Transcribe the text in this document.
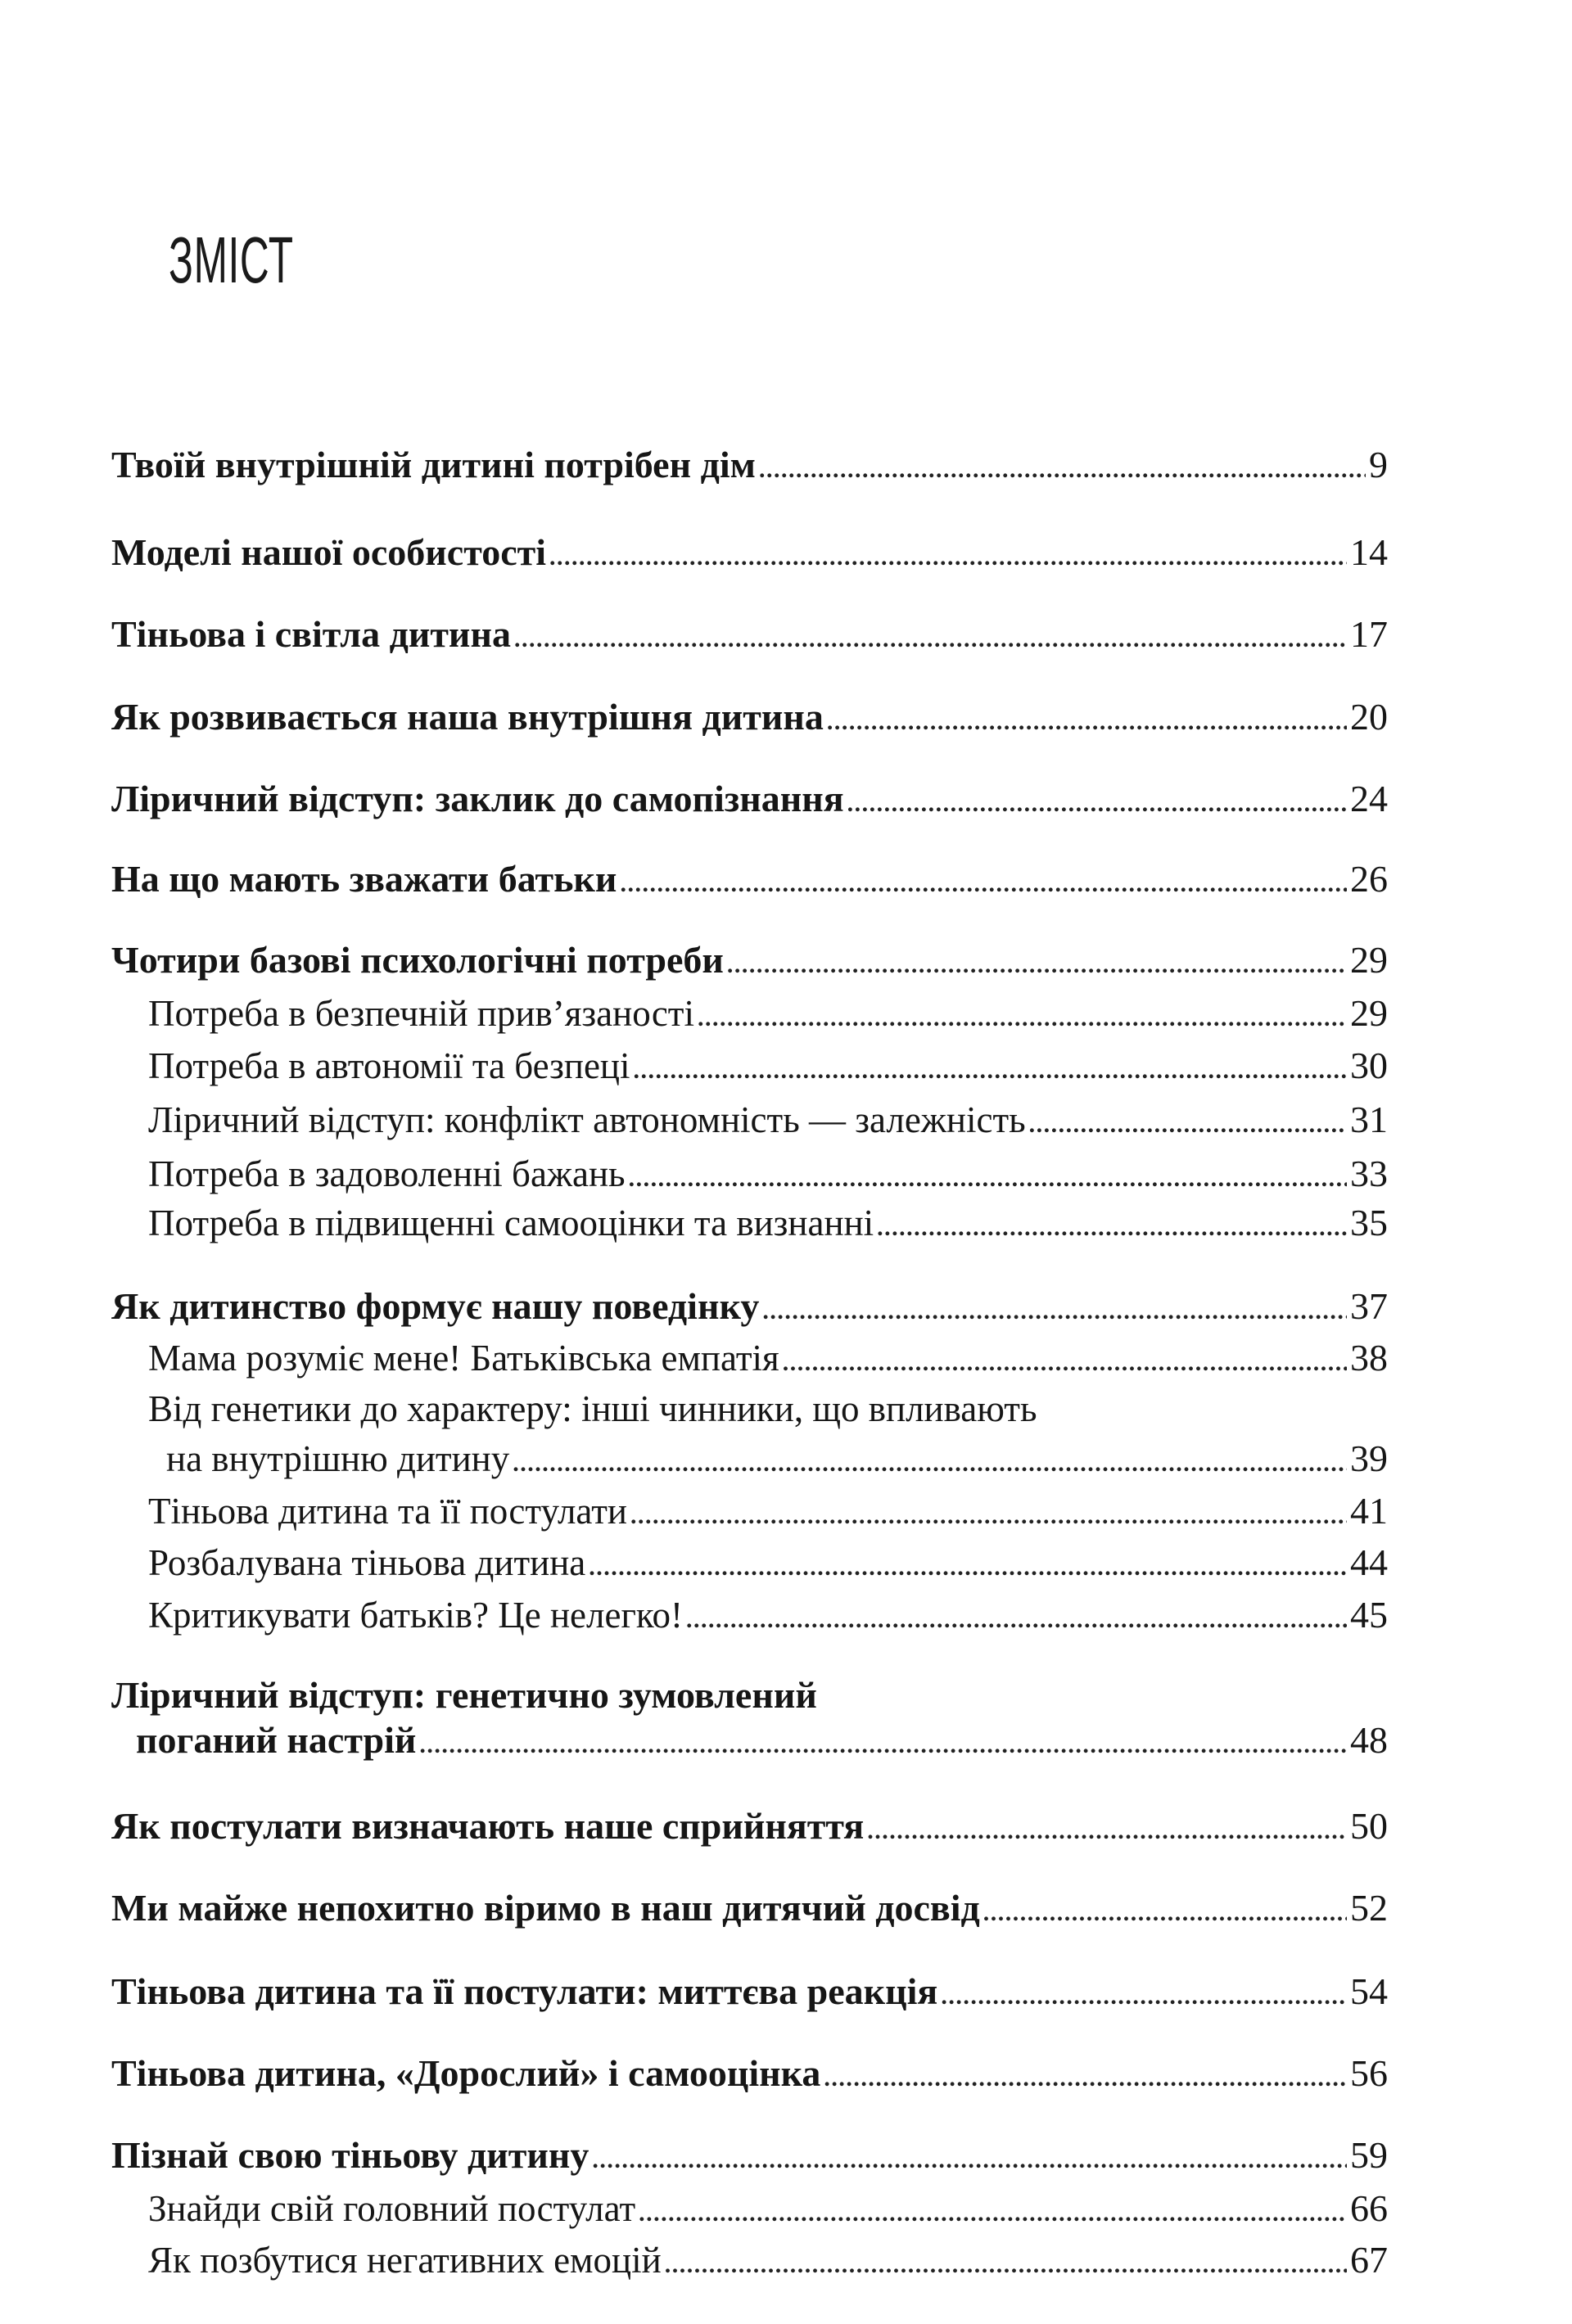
ЗМІСТ
Твоїй внутрішній дитині потрібен дім .....	9
Моделі нашої особистості .....	14
Тіньова і світла дитина .....	17
Як розвивається наша внутрішня дитина .....	20
Ліричний відступ: заклик до самопізнання .....	24
На що мають зважати батьки .....	26
Чотири базові психологічні потреби .....	29
Потреба в безпечній прив’язаності .....	29
Потреба в автономії та безпеці .....	30
Ліричний відступ: конфлікт автономність — залежність .....	31
Потреба в задоволенні бажань .....	33
Потреба в підвищенні самооцінки та визнанні .....	35
Як дитинство формує нашу поведінку .....	37
Мама розуміє мене! Батьківська емпатія .....	38
Від генетики до характеру: інші чинники, що впливають
на внутрішню дитину .....	39
Тіньова дитина та її постулати .....	41
Розбалувана тіньова дитина .....	44
Критикувати батьків? Це нелегко! .....	45
Ліричний відступ: генетично зумовлений
поганий настрій .....	48
Як постулати визначають наше сприйняття .....	50
Ми майже непохитно віримо в наш дитячий досвід .....	52
Тіньова дитина та її постулати: миттєва реакція .....	54
Тіньова дитина, «Дорослий» і самооцінка .....	56
Пізнай свою тіньову дитину .....	59
Знайди свій головний постулат .....	66
Як позбутися негативних емоцій .....	67
